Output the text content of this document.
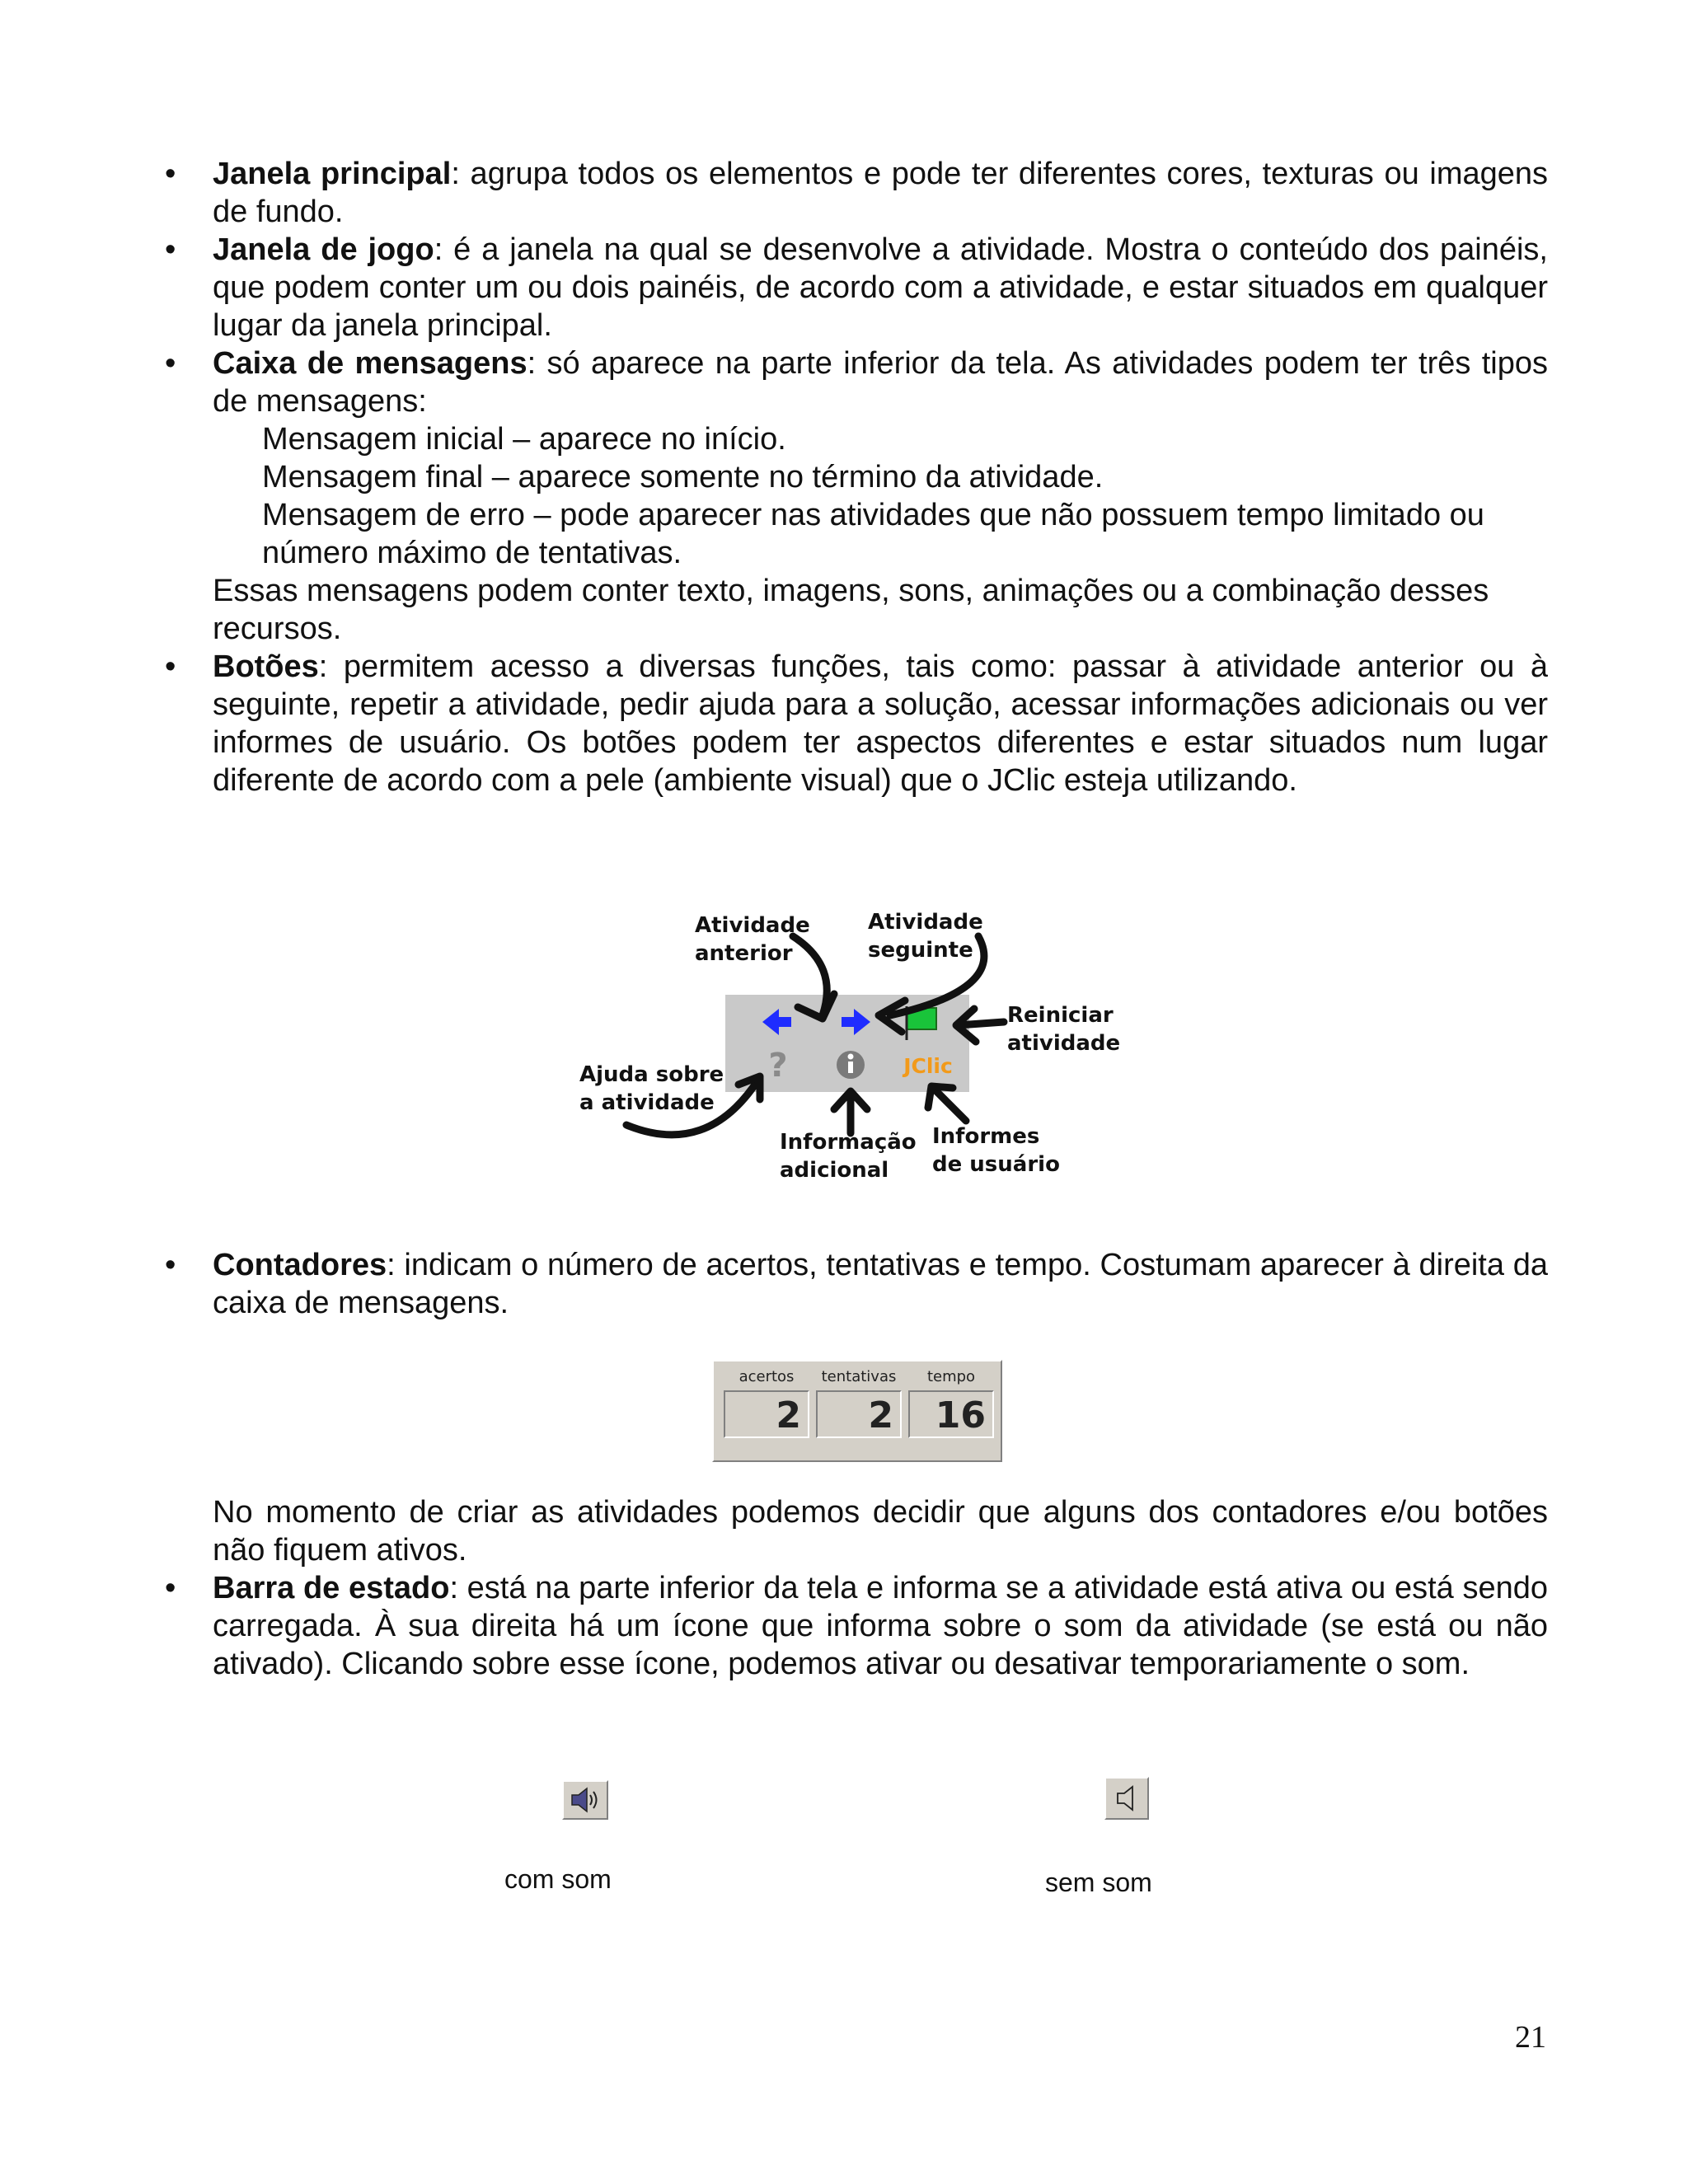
• Janela principal: agrupa todos os elementos e pode ter diferentes cores, texturas ou imagens de fundo.

• Janela de jogo: é a janela na qual se desenvolve a atividade. Mostra o conteúdo dos painéis, que podem conter um ou dois painéis, de acordo com a atividade, e estar situados em qualquer lugar da janela principal.

• Caixa de mensagens: só aparece na parte inferior da tela. As atividades podem ter três tipos de mensagens:

Mensagem inicial – aparece no início.

Mensagem final – aparece somente no término da atividade.

Mensagem de erro – pode aparecer nas atividades que não possuem tempo limitado ou número máximo de tentativas.

Essas mensagens podem conter texto, imagens, sons, animações ou a combinação desses recursos.

• Botões: permitem acesso a diversas funções, tais como: passar à atividade anterior ou à seguinte, repetir a atividade, pedir ajuda para a solução, acessar informações adicionais ou ver informes de usuário. Os botões podem ter aspectos diferentes e estar situados num lugar diferente de acordo com a pele (ambiente visual) que o JClic esteja utilizando.

?	JClic
Atividade
anterior
Atividade
seguinte
Reiniciar
atividade
Ajuda sobre
a atividade
Informação
adicional
Informes
de usuário
• Contadores: indicam o número de acertos, tentativas e tempo. Costumam aparecer à direita da caixa de mensagens.

acertos
2
tentativas
2
tempo
16

No momento de criar as atividades podemos decidir que alguns dos contadores e/ou botões não fiquem ativos.

• Barra de estado: está na parte inferior da tela e informa se a atividade está ativa ou está sendo carregada. À sua direita há um ícone que informa sobre o som da atividade (se está ou não ativado). Clicando sobre esse ícone, podemos ativar ou desativar temporariamente o som.

com som	sem som
21
